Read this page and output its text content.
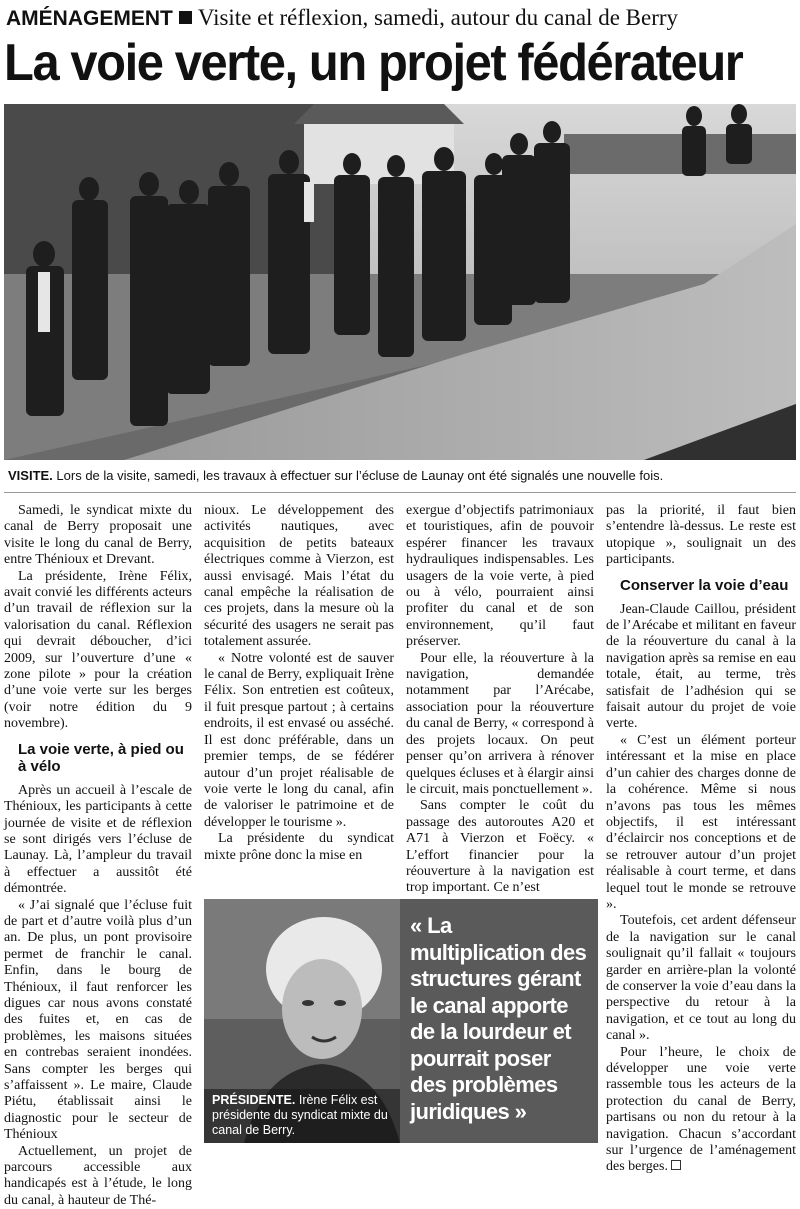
AMÉNAGEMENT Visite et réflexion, samedi, autour du canal de Berry
La voie verte, un projet fédérateur
VISITE. Lors de la visite, samedi, les travaux à effectuer sur l’écluse de Launay ont été signalés une nouvelle fois.

Samedi, le syndicat mixte du canal de Berry proposait une visite le long du canal de Berry, entre Thénioux et Drevant.

La présidente, Irène Félix, avait convié les différents acteurs d’un travail de réflexion sur la valorisation du canal. Réflexion qui devrait déboucher, d’ici 2009, sur l’ouverture d’une « zone pilote » pour la création d’une voie verte sur les berges (voir notre édition du 9 novembre).

La voie verte, à pied ou à vélo

Après un accueil à l’escale de Thénioux, les participants à cette journée de visite et de réflexion se sont dirigés vers l’écluse de Launay. Là, l’ampleur du travail à effectuer a aussitôt été démontrée.

« J’ai signalé que l’écluse fuit de part et d’autre voilà plus d’un an. De plus, un pont provisoire permet de franchir le canal. Enfin, dans le bourg de Thénioux, il faut renforcer les digues car nous avons constaté des fuites et, en cas de problèmes, les maisons situées en contrebas seraient inondées. Sans compter les berges qui s’affaissent ». Le maire, Claude Piétu, établissait ainsi le diagnostic pour le secteur de Thénioux

Actuellement, un projet de parcours accessible aux handicapés est à l’étude, le long du canal, à hauteur de Thé-

nioux. Le développement des activités nautiques, avec acquisition de petits bateaux électriques comme à Vierzon, est aussi envisagé. Mais l’état du canal empêche la réalisation de ces projets, dans la mesure où la sécurité des usagers ne serait pas totalement assurée.

« Notre volonté est de sauver le canal de Berry, expliquait Irène Félix. Son entretien est coûteux, il fuit presque partout ; à certains endroits, il est envasé ou asséché. Il est donc préférable, dans un premier temps, de se fédérer autour d’un projet réalisable de voie verte le long du canal, afin de valoriser le patrimoine et de développer le tourisme ».

La présidente du syndicat mixte prône donc la mise en

exergue d’objectifs patrimoniaux et touristiques, afin de pouvoir espérer financer les travaux hydrauliques indispensables. Les usagers de la voie verte, à pied ou à vélo, pourraient ainsi profiter du canal et de son environnement, qu’il faut préserver.

Pour elle, la réouverture à la navigation, demandée notamment par l’Arécabe, association pour la réouverture du canal de Berry, « correspond à des projets locaux. On peut penser qu’on arrivera à rénover quelques écluses et à élargir ainsi le circuit, mais ponctuellement ».

Sans compter le coût du passage des autoroutes A20 et A71 à Vierzon et Foëcy. « L’effort financier pour la réouverture à la navigation est trop important. Ce n’est

pas la priorité, il faut bien s’entendre là-dessus. Le reste est utopique », soulignait un des participants.

Conserver la voie d’eau

Jean-Claude Caillou, président de l’Arécabe et militant en faveur de la réouverture du canal à la navigation après sa remise en eau totale, était, au terme, très satisfait de l’adhésion qui se faisait autour du projet de voie verte.

« C’est un élément porteur intéressant et la mise en place d’un cahier des charges donne de la cohérence. Même si nous n’avons pas tous les mêmes objectifs, il est intéressant d’éclaircir nos conceptions et de se retrouver autour d’un projet réalisable à court terme, et dans lequel tout le monde se retrouve ».

Toutefois, cet ardent défenseur de la navigation sur le canal soulignait qu’il fallait « toujours garder en arrière-plan la volonté de conserver la voie d’eau dans la perspective du retour à la navigation, et ce tout au long du canal ».

Pour l’heure, le choix de développer une voie verte rassemble tous les acteurs de la protection du canal de Berry, partisans ou non du retour à la navigation. Chacun s’accordant sur l’urgence de l’aménagement des berges.

PRÉSIDENTE. Irène Félix est présidente du syndicat mixte du canal de Berry.
« La multiplication des structures gérant le canal apporte de la lourdeur et pourrait poser des problèmes juridiques »
